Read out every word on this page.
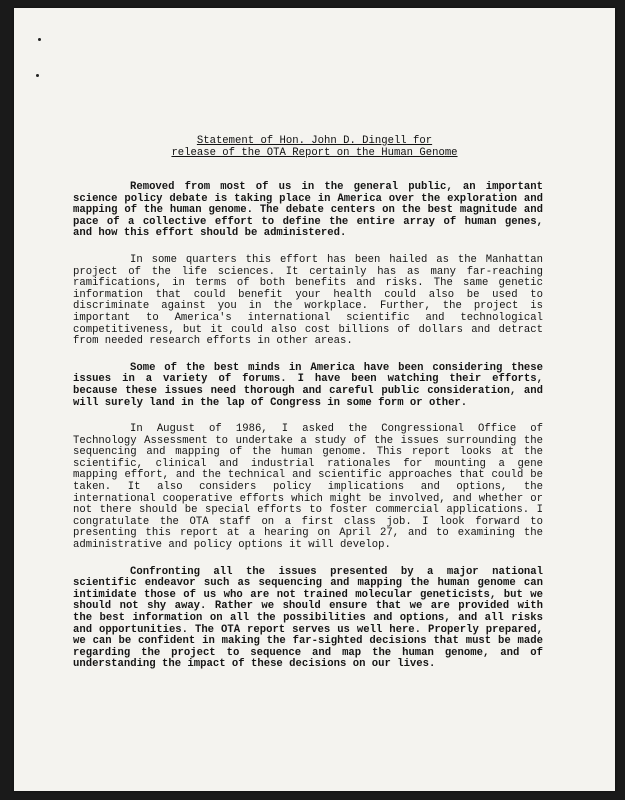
Statement of Hon. John D. Dingell for
release of the OTA Report on the Human Genome

Removed from most of us in the general public, an important science policy debate is taking place in America over the exploration and mapping of the human genome. The debate centers on the best magnitude and pace of a collective effort to define the entire array of human genes, and how this effort should be administered.

In some quarters this effort has been hailed as the Manhattan project of the life sciences. It certainly has as many far-reaching ramifications, in terms of both benefits and risks. The same genetic information that could benefit your health could also be used to discriminate against you in the workplace. Further, the project is important to America's international scientific and technological competitiveness, but it could also cost billions of dollars and detract from needed research efforts in other areas.

Some of the best minds in America have been considering these issues in a variety of forums. I have been watching their efforts, because these issues need thorough and careful public consideration, and will surely land in the lap of Congress in some form or other.

In August of 1986, I asked the Congressional Office of Technology Assessment to undertake a study of the issues surrounding the sequencing and mapping of the human genome. This report looks at the scientific, clinical and industrial rationales for mounting a gene mapping effort, and the technical and scientific approaches that could be taken. It also considers policy implications and options, the international cooperative efforts which might be involved, and whether or not there should be special efforts to foster commercial applications. I congratulate the OTA staff on a first class job. I look forward to presenting this report at a hearing on April 27, and to examining the administrative and policy options it will develop.

Confronting all the issues presented by a major national scientific endeavor such as sequencing and mapping the human genome can intimidate those of us who are not trained molecular geneticists, but we should not shy away. Rather we should ensure that we are provided with the best information on all the possibilities and options, and all risks and opportunities. The OTA report serves us well here. Properly prepared, we can be confident in making the far-sighted decisions that must be made regarding the project to sequence and map the human genome, and of understanding the impact of these decisions on our lives.
